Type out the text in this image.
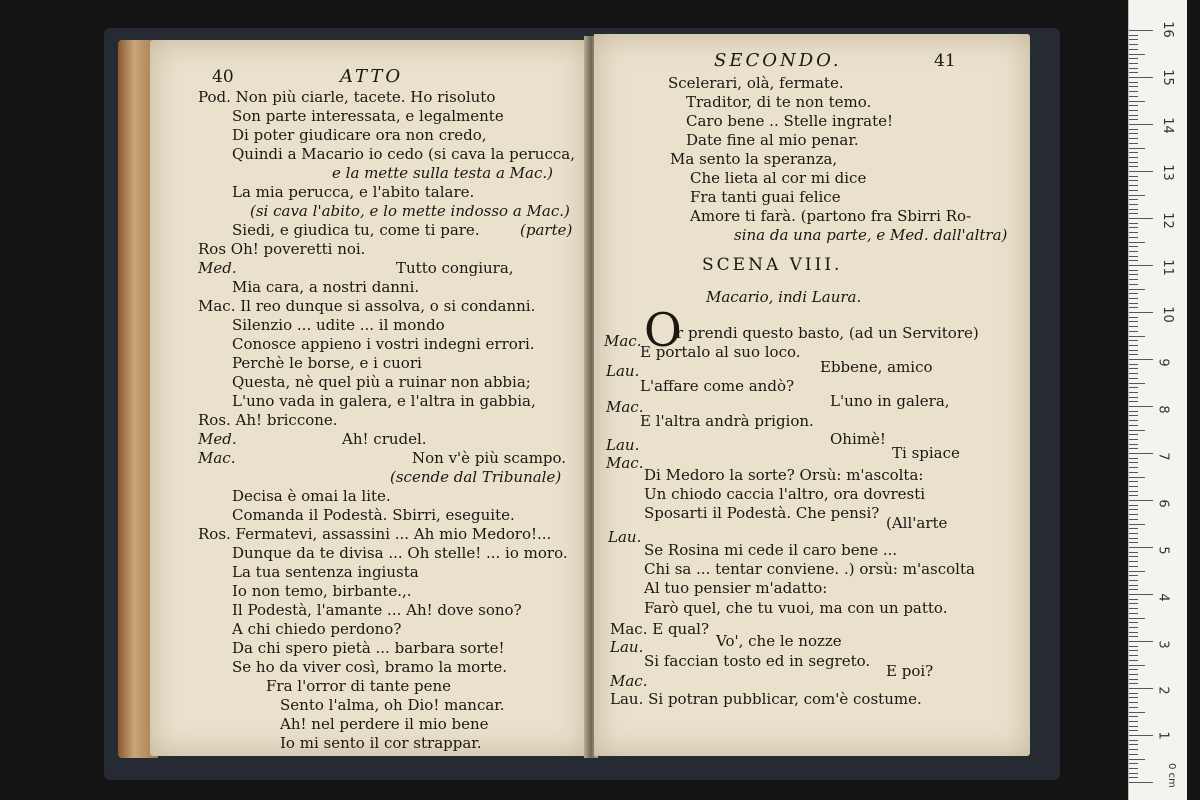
40	ATTO
Pod. Non più ciarle, tacete. Ho risoluto
Son parte interessata, e legalmente
Di poter giudicare ora non credo,
Quindi a Macario io cedo (si cava la perucca,
e la mette sulla testa a Mac.)
La mia perucca, e l'abito talare.
(si cava l'abito, e lo mette indosso a Mac.)
Siedi, e giudica tu, come ti pare.	(parte)
Ros Oh! poveretti noi.
Med.	Tutto congiura,
Mia cara, a nostri danni.
Mac. Il reo dunque si assolva, o si condanni.
Silenzio ... udite ... il mondo
Conosce appieno i vostri indegni errori.
Perchè le borse, e i cuori
Questa, nè quel più a ruinar non abbia;
L'uno vada in galera, e l'altra in gabbia,
Ros. Ah! briccone.
Med.	Ah! crudel.
Mac.	Non v'è più scampo.
(scende dal Tribunale)
Decisa è omai la lite.
Comanda il Podestà. Sbirri, eseguite.
Ros. Fermatevi, assassini ... Ah mio Medoro!...
Dunque da te divisa ... Oh stelle! ... io moro.
La tua sentenza ingiusta
Io non temo, birbante.,.
Il Podestà, l'amante ... Ah! dove sono?
A chi chiedo perdono?
Da chi spero pietà ... barbara sorte!
Se ho da viver così, bramo la morte.
Fra l'orror di tante pene
Sento l'alma, oh Dio! mancar.
Ah! nel perdere il mio bene
Io mi sento il cor strappar.
SECONDO.	41
Scelerari, olà, fermate.
Traditor, di te non temo.
Caro bene .. Stelle ingrate!
Date fine al mio penar.
Ma sento la speranza,
Che lieta al cor mi dice
Fra tanti guai felice
Amore ti farà. (partono fra Sbirri Ro-
sina da una parte, e Med. dall'altra)
SCENA VIII.
Macario, indi Laura.
Mac. O
r prendi questo basto, (ad un Servitore)
E portalo al suo loco.
Lau.	Ebbene, amico
L'affare come andò?
Mac.	L'uno in galera,
E l'altra andrà prigion.
Lau.	Ohimè!
Mac.
Ti spiace
Di Medoro la sorte? Orsù: m'ascolta:
Un chiodo caccia l'altro, ora dovresti
Sposarti il Podestà. Che pensi?
(All'arte
Lau.
Se Rosina mi cede il caro bene ...
Chi sa ... tentar conviene. .) orsù: m'ascolta
Al tuo pensier m'adatto:
Farò quel, che tu vuoi, ma con un patto.
Mac. E qual?
Lau.	Vo', che le nozze
Si faccian tosto ed in segreto.
Mac.
E poi?
Lau. Si potran pubblicar, com'è costume.
0 cm
1
2
3
4
5
6
7
8
9
10
11
12
13
14
15
16
